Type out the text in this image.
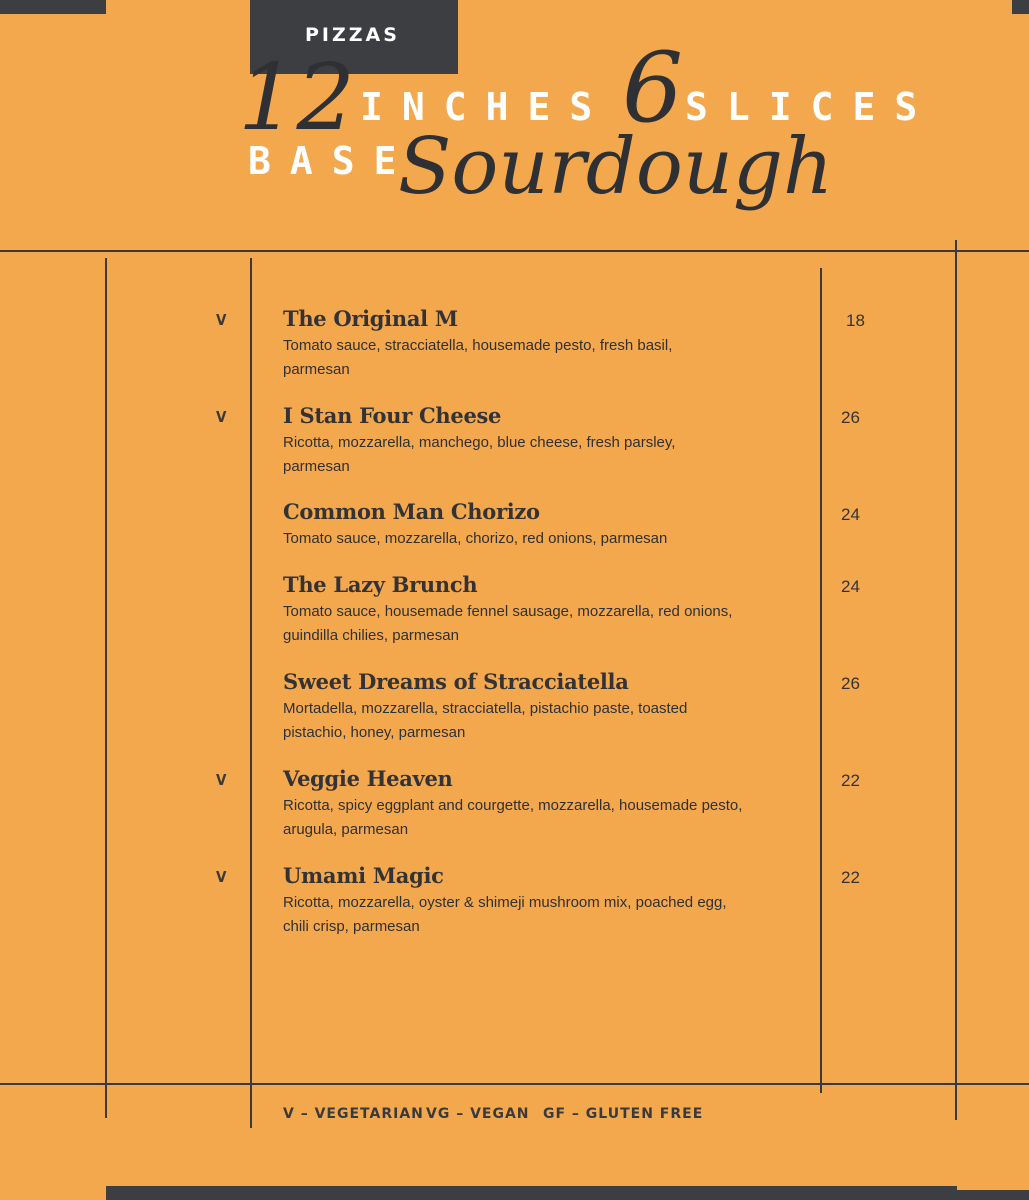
PIZZAS
12 INCHES 6 SLICES
BASE
Sourdough
V	The Original M
Tomato sauce, stracciatella, housemade pesto, fresh basil, parmesan
18
V	I Stan Four Cheese
Ricotta, mozzarella, manchego, blue cheese, fresh parsley, parmesan
26
Common Man Chorizo
Tomato sauce, mozzarella, chorizo, red onions, parmesan
24
The Lazy Brunch
Tomato sauce, housemade fennel sausage, mozzarella, red onions, guindilla chilies, parmesan
24
Sweet Dreams of Stracciatella
Mortadella, mozzarella, stracciatella, pistachio paste, toasted pistachio, honey, parmesan
26
V	Veggie Heaven
Ricotta, spicy eggplant and courgette, mozzarella, housemade pesto, arugula, parmesan
22
V	Umami Magic
Ricotta, mozzarella, oyster & shimeji mushroom mix, poached egg, chili crisp, parmesan
22
V – VEGETARIAN VG – VEGAN GF – GLUTEN FREE
